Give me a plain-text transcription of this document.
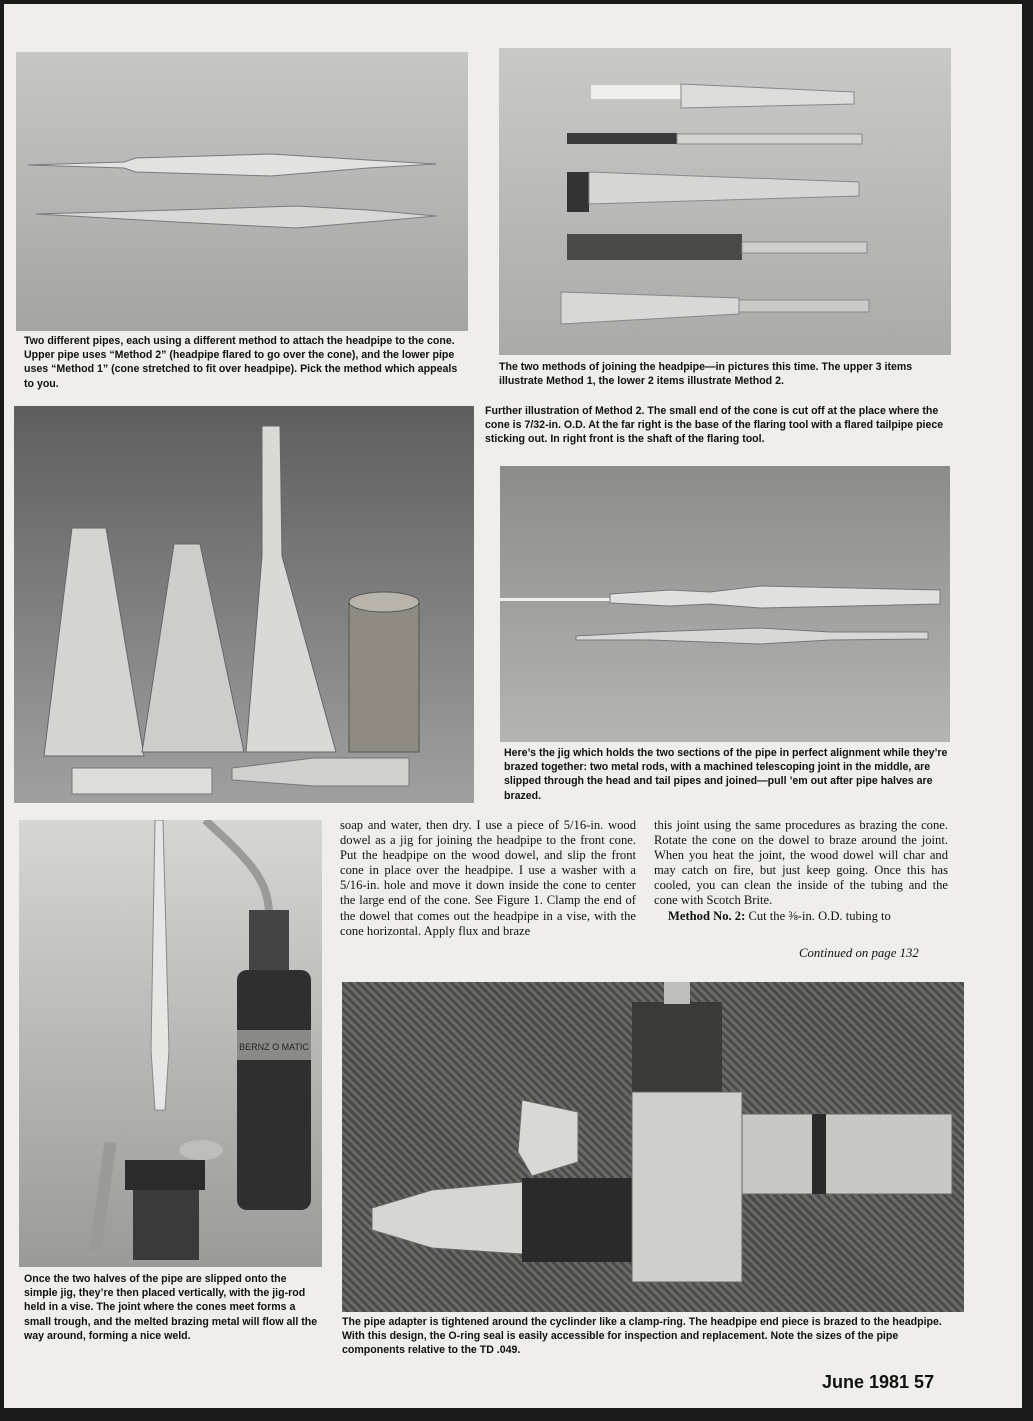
Two different pipes, each using a different method to attach the headpipe to the cone. Upper pipe uses “Method 2” (headpipe flared to go over the cone), and the lower pipe uses “Method 1” (cone stretched to fit over headpipe). Pick the method which appeals to you.

The two methods of joining the headpipe—in pictures this time. The upper 3 items illustrate Method 1, the lower 2 items illustrate Method 2.

Further illustration of Method 2. The small end of the cone is cut off at the place where the cone is 7/32-in. O.D. At the far right is the base of the flaring tool with a flared tailpipe piece sticking out. In right front is the shaft of the flaring tool.

Here’s the jig which holds the two sections of the pipe in perfect alignment while they’re brazed together: two metal rods, with a machined telescoping joint in the middle, are slipped through the head and tail pipes and joined—pull ’em out after pipe halves are brazed.

BERNZ O MATIC

Once the two halves of the pipe are slipped onto the simple jig, they’re then placed vertically, with the jig-rod held in a vise. The joint where the cones meet forms a small trough, and the melted brazing metal will flow all the way around, forming a nice weld.

soap and water, then dry. I use a piece of 5/16-in. wood dowel as a jig for joining the headpipe to the front cone. Put the headpipe on the wood dowel, and slip the front cone in place over the headpipe. I use a washer with a 5/16-in. hole and move it down inside the cone to center the large end of the cone. See Figure 1. Clamp the end of the dowel that comes out the headpipe in a vise, with the cone horizontal. Apply flux and braze

this joint using the same procedures as brazing the cone. Rotate the cone on the dowel to braze around the joint. When you heat the joint, the wood dowel will char and may catch on fire, but just keep going. Once this has cooled, you can clean the inside of the tubing and the cone with Scotch Brite.
Method No. 2: Cut the ⅜-in. O.D. tubing to

Continued on page 132

The pipe adapter is tightened around the cyclinder like a clamp-ring. The headpipe end piece is brazed to the headpipe. With this design, the O-ring seal is easily accessible for inspection and replacement. Note the sizes of the pipe components relative to the TD .049.

June 1981 57
